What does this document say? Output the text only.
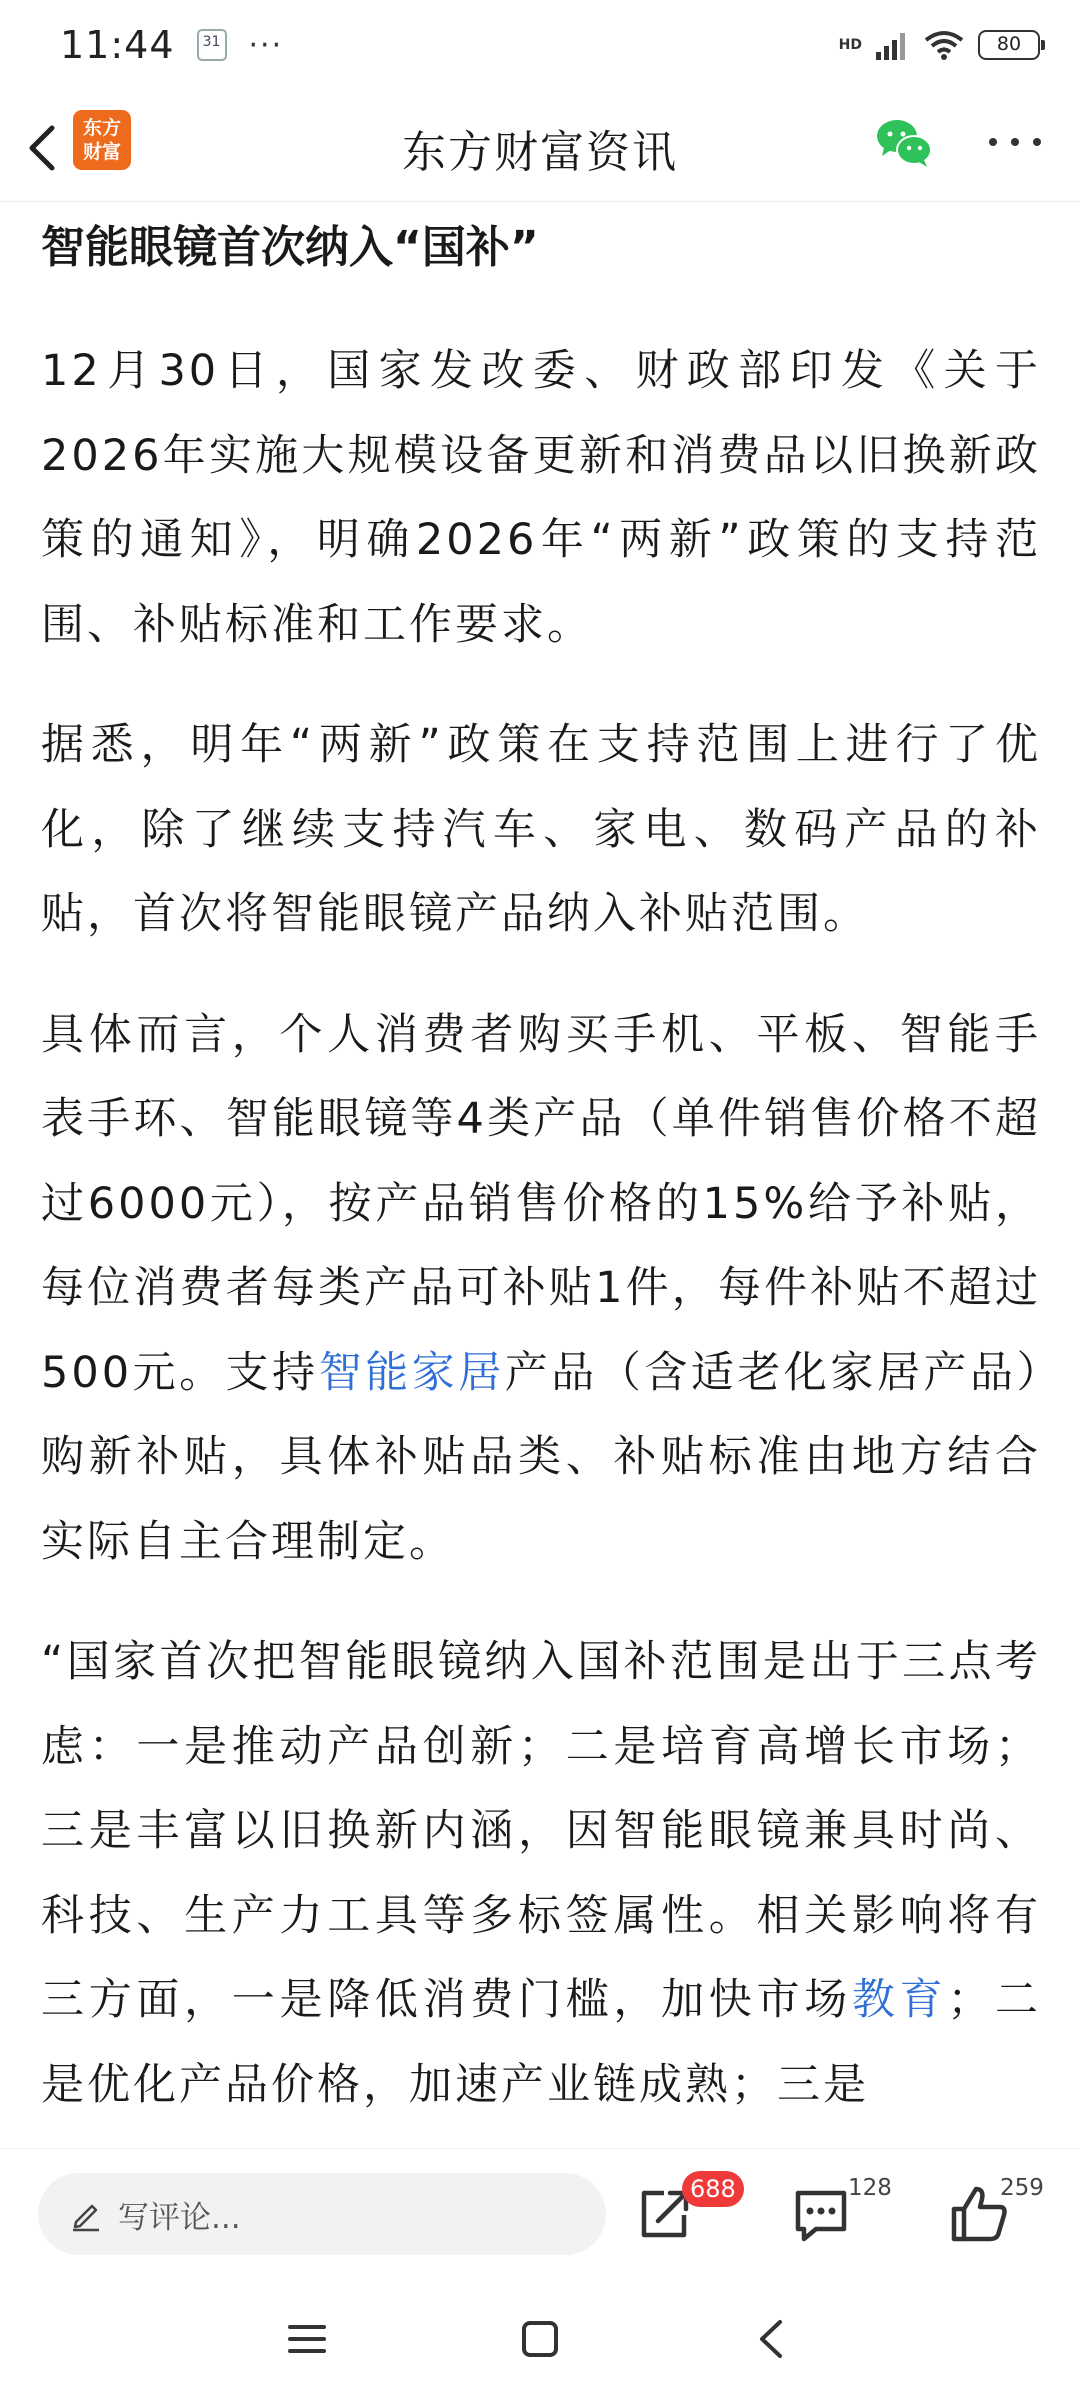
11:44	31 ···	HD	80
东方
财富	东方财富资讯
智能眼镜首次纳入“国补”

12月30日，国家发改委、财政部印发《关于2026年实施大规模设备更新和消费品以旧换新政策的通知》，明确2026年“两新”政策的支持范围、补贴标准和工作要求。

据悉，明年“两新”政策在支持范围上进行了优化，除了继续支持汽车、家电、数码产品的补贴，首次将智能眼镜产品纳入补贴范围。

具体而言，个人消费者购买手机、平板、智能手表手环、智能眼镜等4类产品（单件销售价格不超过6000元），按产品销售价格的15%给予补贴，每位消费者每类产品可补贴1件，每件补贴不超过500元。支持智能家居产品（含适老化家居产品）购新补贴，具体补贴品类、补贴标准由地方结合实际自主合理制定。

“国家首次把智能眼镜纳入国补范围是出于三点考虑：一是推动产品创新；二是培育高增长市场；三是丰富以旧换新内涵，因智能眼镜兼具时尚、科技、生产力工具等多标签属性。相关影响将有三方面，一是降低消费门槛，加快市场教育；二是优化产品价格，加速产业链成熟；三是

写评论...
688	128	259
